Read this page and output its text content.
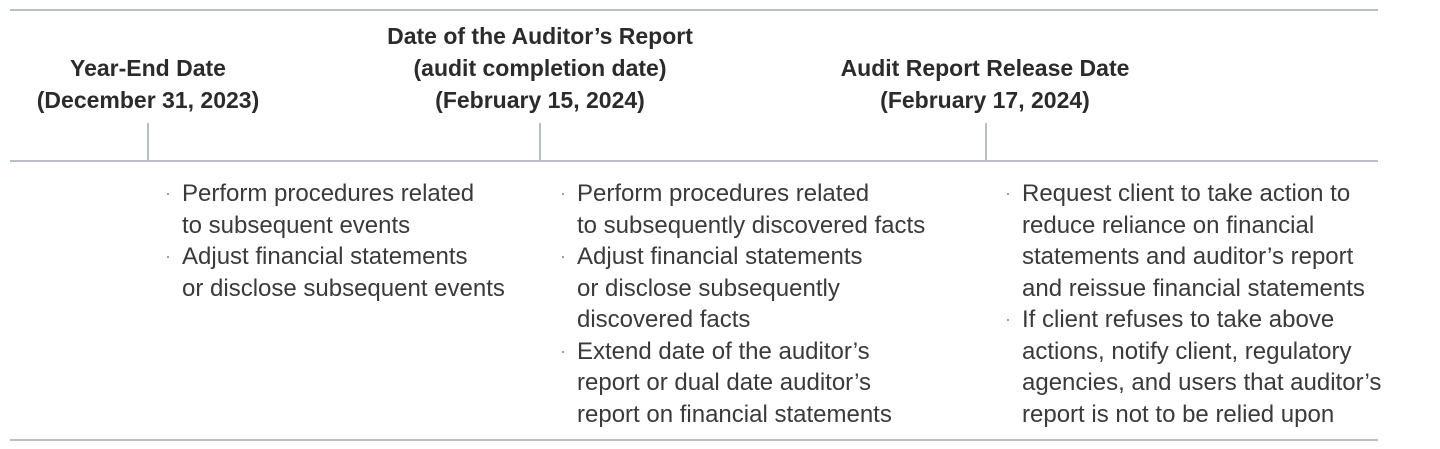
Year-End Date
(December 31, 2023)
Date of the Auditor’s Report
(audit completion date)
(February 15, 2024)
Audit Report Release Date
(February 17, 2024)
· Perform procedures related
to subsequent events
· Adjust financial statements
or disclose subsequent events
· Perform procedures related
to subsequently discovered facts
· Adjust financial statements
or disclose subsequently
discovered facts
· Extend date of the auditor’s
report or dual date auditor’s
report on financial statements
· Request client to take action to
reduce reliance on financial
statements and auditor’s report
and reissue financial statements
· If client refuses to take above
actions, notify client, regulatory
agencies, and users that auditor’s
report is not to be relied upon
